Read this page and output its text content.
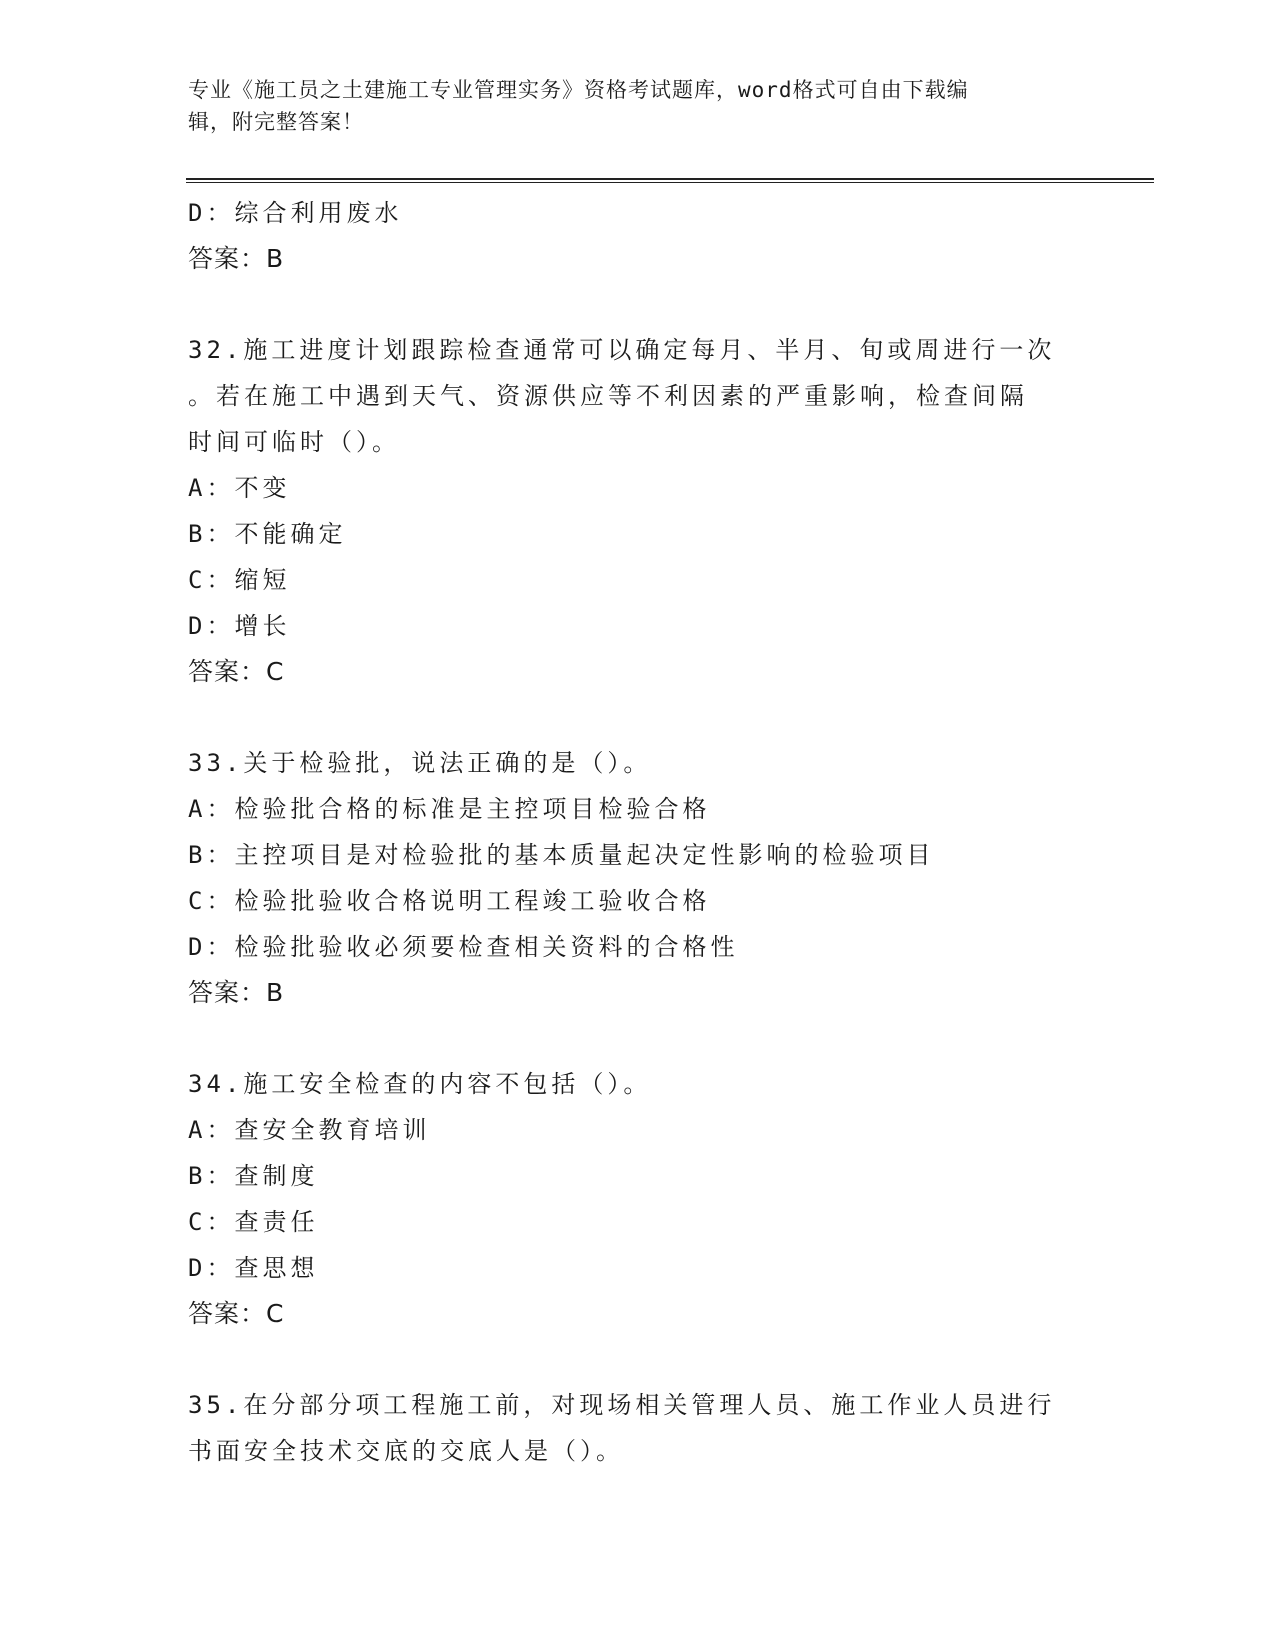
专业《施工员之土建施工专业管理实务》资格考试题库，word格式可自由下载编
辑，附完整答案！
D：综合利用废水
答案：B
32.施工进度计划跟踪检查通常可以确定每月、半月、旬或周进行一次
。若在施工中遇到天气、资源供应等不利因素的严重影响，检查间隔
时间可临时（）。
A：不变
B：不能确定
C：缩短
D：增长
答案：C
33.关于检验批，说法正确的是（）。
A：检验批合格的标准是主控项目检验合格
B：主控项目是对检验批的基本质量起决定性影响的检验项目
C：检验批验收合格说明工程竣工验收合格
D：检验批验收必须要检查相关资料的合格性
答案：B
34.施工安全检查的内容不包括（）。
A：查安全教育培训
B：查制度
C：查责任
D：查思想
答案：C
35.在分部分项工程施工前，对现场相关管理人员、施工作业人员进行
书面安全技术交底的交底人是（）。
